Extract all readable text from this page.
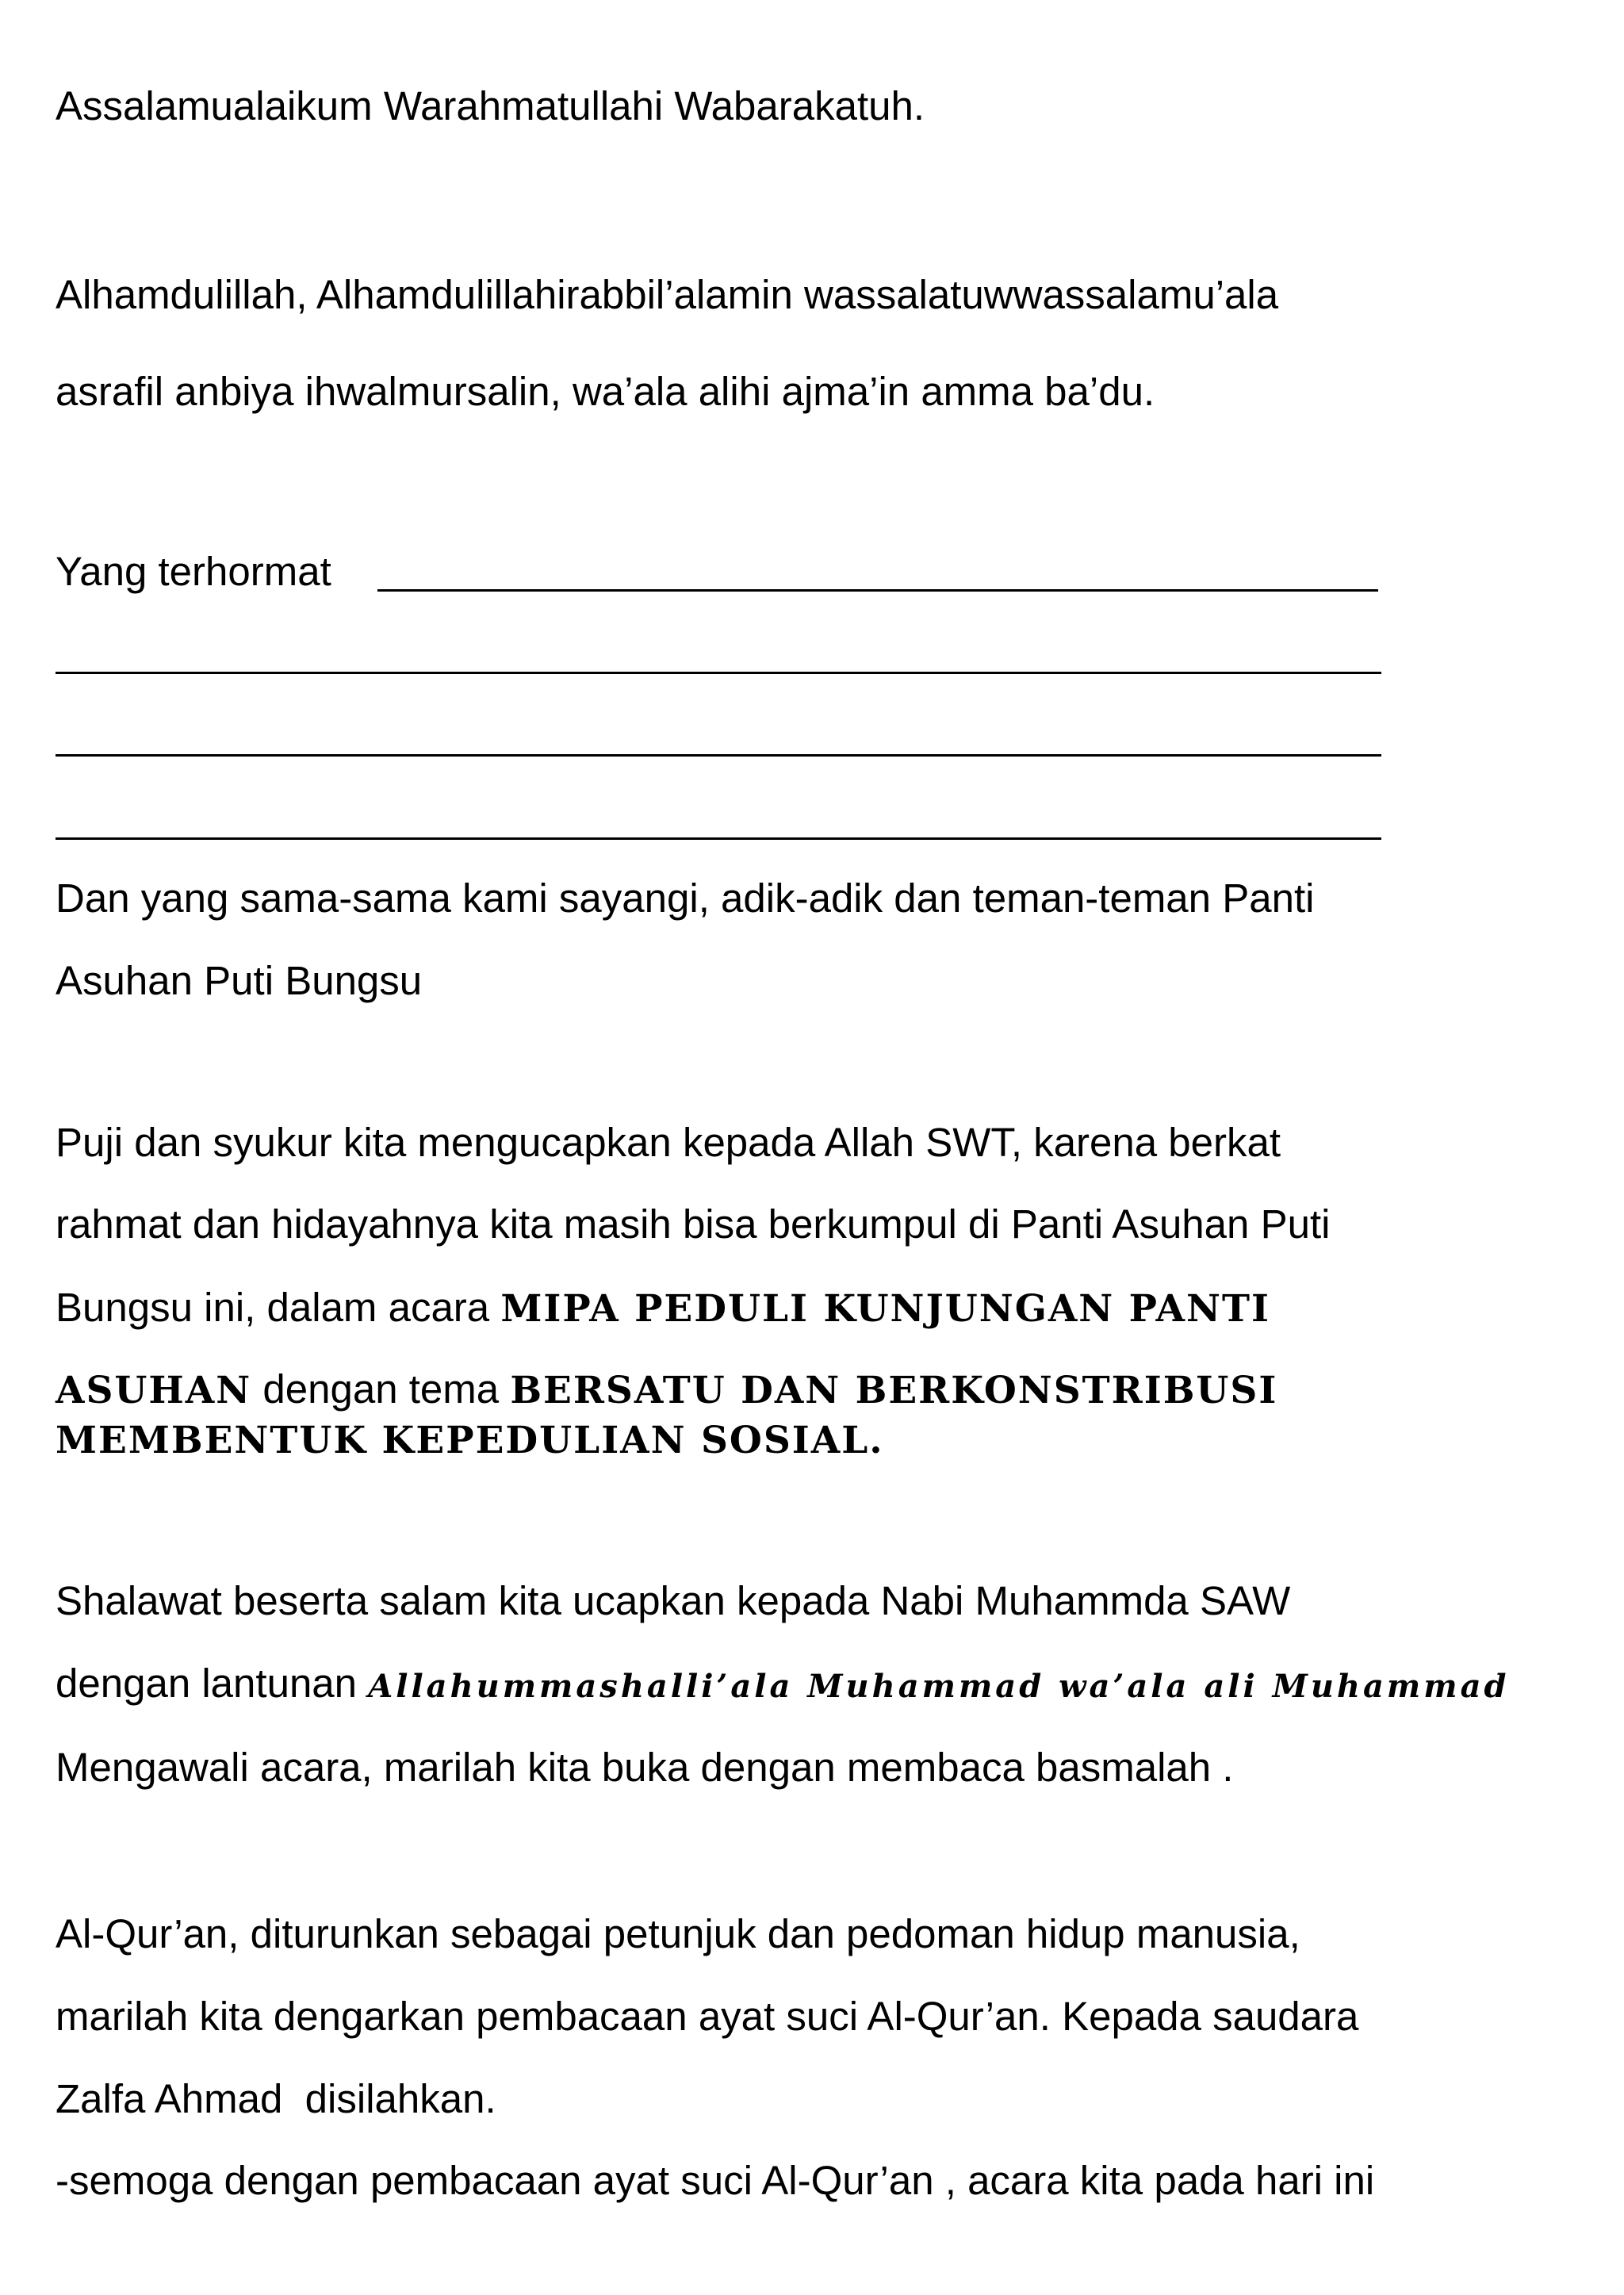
Assalamualaikum Warahmatullahi Wabarakatuh.

Alhamdulillah, Alhamdulillahirabbil’alamin wassalatuwwassalamu’ala

asrafil anbiya ihwalmursalin, wa’ala alihi ajma’in amma ba’du.

Yang terhormat

Dan yang sama-sama kami sayangi, adik-adik dan teman-teman Panti

Asuhan Puti Bungsu

Puji dan syukur kita mengucapkan kepada Allah SWT, karena berkat

rahmat dan hidayahnya kita masih bisa berkumpul di Panti Asuhan Puti

Bungsu ini, dalam acara MIPA PEDULI KUNJUNGAN PANTI

ASUHAN dengan tema BERSATU DAN BERKONSTRIBUSI

MEMBENTUK KEPEDULIAN SOSIAL.

Shalawat beserta salam kita ucapkan kepada Nabi Muhammda SAW

dengan lantunan Allahummashalli’ala Muhammad wa’ala ali Muhammad

Mengawali acara, marilah kita buka dengan membaca basmalah .

Al-Qur’an, diturunkan sebagai petunjuk dan pedoman hidup manusia,

marilah kita dengarkan pembacaan ayat suci Al-Qur’an. Kepada saudara

Zalfa Ahmad  disilahkan.

-semoga dengan pembacaan ayat suci Al-Qur’an , acara kita pada hari ini
